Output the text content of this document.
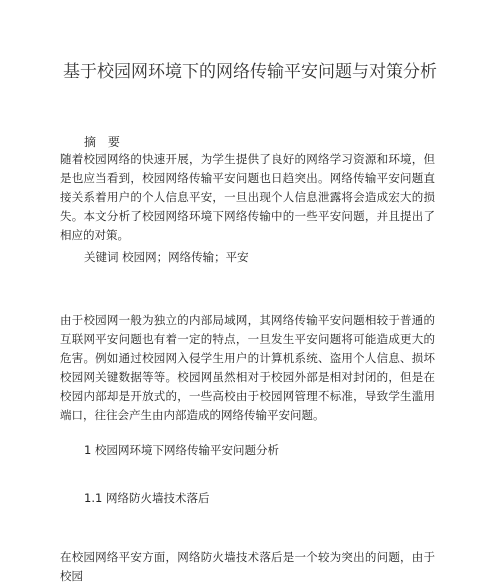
基于校园网环境下的网络传输平安问题与对策分析
摘 要
随着校园网络的快速开展，为学生提供了良好的网络学习资源和环境，但是也应当看到，校园网络传输平安问题也日趋突出。网络传输平安问题直接关系着用户的个人信息平安，一旦出现个人信息泄露将会造成宏大的损失。本文分析了校园网络环境下网络传输中的一些平安问题，并且提出了相应的对策。
关键词 校园网；网络传输；平安
由于校园网一般为独立的内部局域网，其网络传输平安问题相较于普通的互联网平安问题也有着一定的特点，一旦发生平安问题将可能造成更大的危害。例如通过校园网入侵学生用户的计算机系统、盗用个人信息、损坏校园网关键数据等等。校园网虽然相对于校园外部是相对封闭的，但是在校园内部却是开放式的，一些高校由于校园网管理不标准，导致学生滥用端口，往往会产生由内部造成的网络传输平安问题。
1 校园网环境下网络传输平安问题分析
1.1 网络防火墙技术落后
在校园网络平安方面，网络防火墙技术落后是一个较为突出的问题，由于校园
